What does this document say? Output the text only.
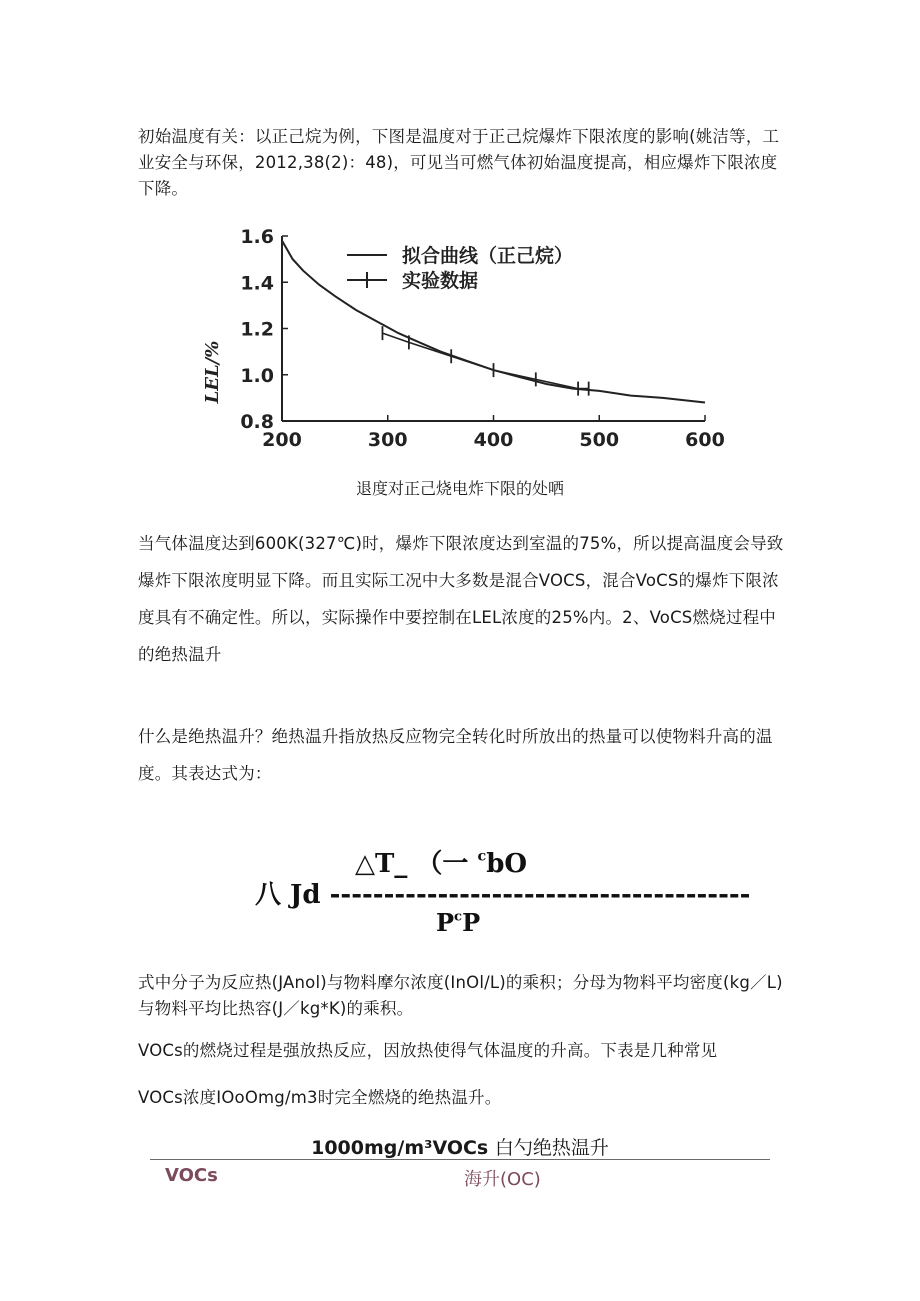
初始温度有关：以正己烷为例，下图是温度对于正己烷爆炸下限浓度的影响(姚洁等，工业安全与环保，2012,38(2)：48)，可见当可燃气体初始温度提高，相应爆炸下限浓度下降。
200	300	400	500	600
0.8
1.0
1.2
1.4
1.6
拟合曲线（正己烷）
实验数据
LEL/%
退度对正己烧电炸下限的处哂
当气体温度达到600K(327℃)时，爆炸下限浓度达到室温的75%，所以提高温度会导致爆炸下限浓度明显下降。而且实际工况中大多数是混合VOCS，混合VoCS的爆炸下限浓度具有不确定性。所以，实际操作中要控制在LEL浓度的25%内。2、VoCS燃烧过程中的绝热温升
什么是绝热温升？绝热温升指放热反应物完全转化时所放出的热量可以使物料升高的温度。其表达式为：
△T_ （一 $^c$bO
八 Jd ---------------------------------------
$P^cP$
式中分子为反应热(JAnol)与物料摩尔浓度(InOl/L)的乘积；分母为物料平均密度(kg／L)与物料平均比热容(J／kg*K)的乘积。
VOCs的燃烧过程是强放热反应，因放热使得气体温度的升高。下表是几种常见
VOCs浓度IOoOmg/m3时完全燃烧的绝热温升。
1000mg/m³VOCs 白勺绝热温升
VOCs	海升(OC)
